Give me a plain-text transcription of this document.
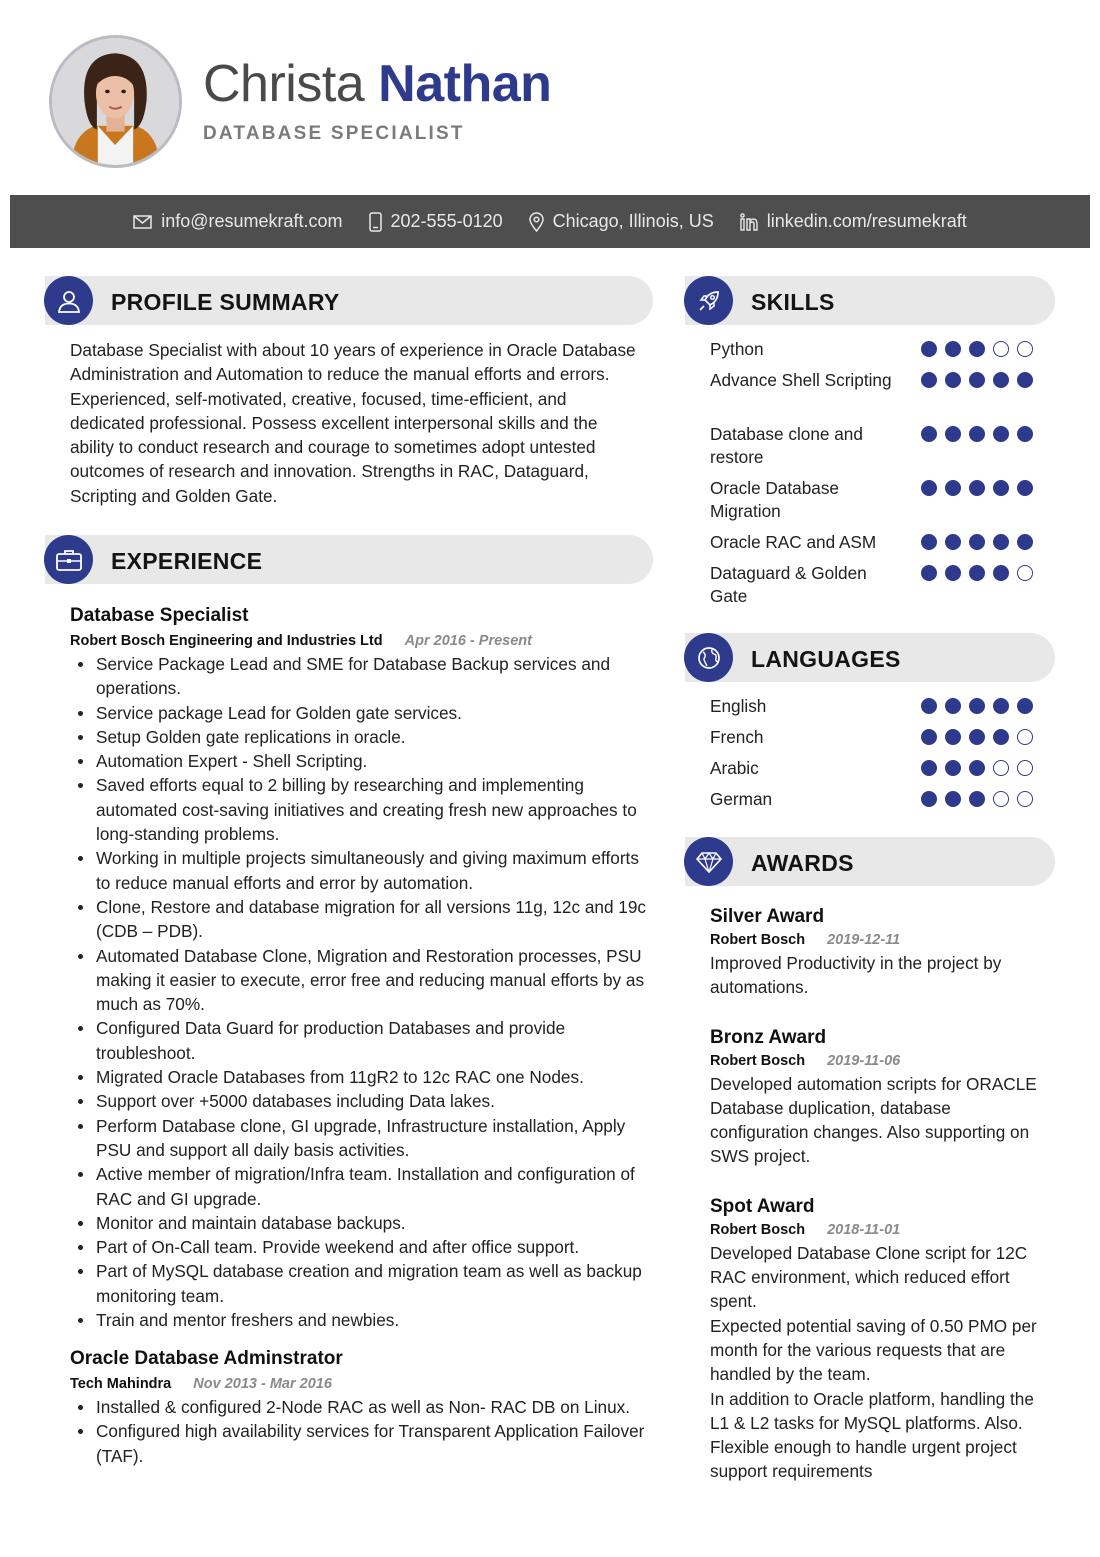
Christa Nathan
DATABASE SPECIALIST
info@resumekraft.com	202-555-0120	Chicago, Illinois, US	linkedin.com/resumekraft
PROFILE SUMMARY
Database Specialist with about 10 years of experience in Oracle Database Administration and Automation to reduce the manual efforts and errors. Experienced, self-motivated, creative, focused, time-efficient, and dedicated professional. Possess excellent interpersonal skills and the ability to conduct research and courage to sometimes adopt untested outcomes of research and innovation. Strengths in RAC, Dataguard, Scripting and Golden Gate.
EXPERIENCE
Database Specialist
Robert Bosch Engineering and Industries Ltd Apr 2016 - Present
Service Package Lead and SME for Database Backup services and operations.
Service package Lead for Golden gate services.
Setup Golden gate replications in oracle.
Automation Expert - Shell Scripting.
Saved efforts equal to 2 billing by researching and implementing automated cost-saving initiatives and creating fresh new approaches to long-standing problems.
Working in multiple projects simultaneously and giving maximum efforts to reduce manual efforts and error by automation.
Clone, Restore and database migration for all versions 11g, 12c and 19c (CDB – PDB).
Automated Database Clone, Migration and Restoration processes, PSU making it easier to execute, error free and reducing manual efforts by as much as 70%.
Configured Data Guard for production Databases and provide troubleshoot.
Migrated Oracle Databases from 11gR2 to 12c RAC one Nodes.
Support over +5000 databases including Data lakes.
Perform Database clone, GI upgrade, Infrastructure installation, Apply PSU and support all daily basis activities.
Active member of migration/Infra team. Installation and configuration of RAC and GI upgrade.
Monitor and maintain database backups.
Part of On-Call team. Provide weekend and after office support.
Part of MySQL database creation and migration team as well as backup monitoring team.
Train and mentor freshers and newbies.
Oracle Database Adminstrator
Tech Mahindra Nov 2013 - Mar 2016
Installed & configured 2-Node RAC as well as Non- RAC DB on Linux.
Configured high availability services for Transparent Application Failover (TAF).
SKILLS
Python
Advance Shell Scripting
Database clone and restore
Oracle Database Migration
Oracle RAC and ASM
Dataguard & Golden Gate
LANGUAGES
English
French
Arabic
German
AWARDS
Silver Award
Robert Bosch 2019-12-11
Improved Productivity in the project by automations.
Bronz Award
Robert Bosch 2019-11-06
Developed automation scripts for ORACLE Database duplication, database configuration changes. Also supporting on SWS project.
Spot Award
Robert Bosch 2018-11-01
Developed Database Clone script for 12C RAC environment, which reduced effort spent.
Expected potential saving of 0.50 PMO per month for the various requests that are handled by the team.
In addition to Oracle platform, handling the L1 & L2 tasks for MySQL platforms. Also. Flexible enough to handle urgent project support requirements
